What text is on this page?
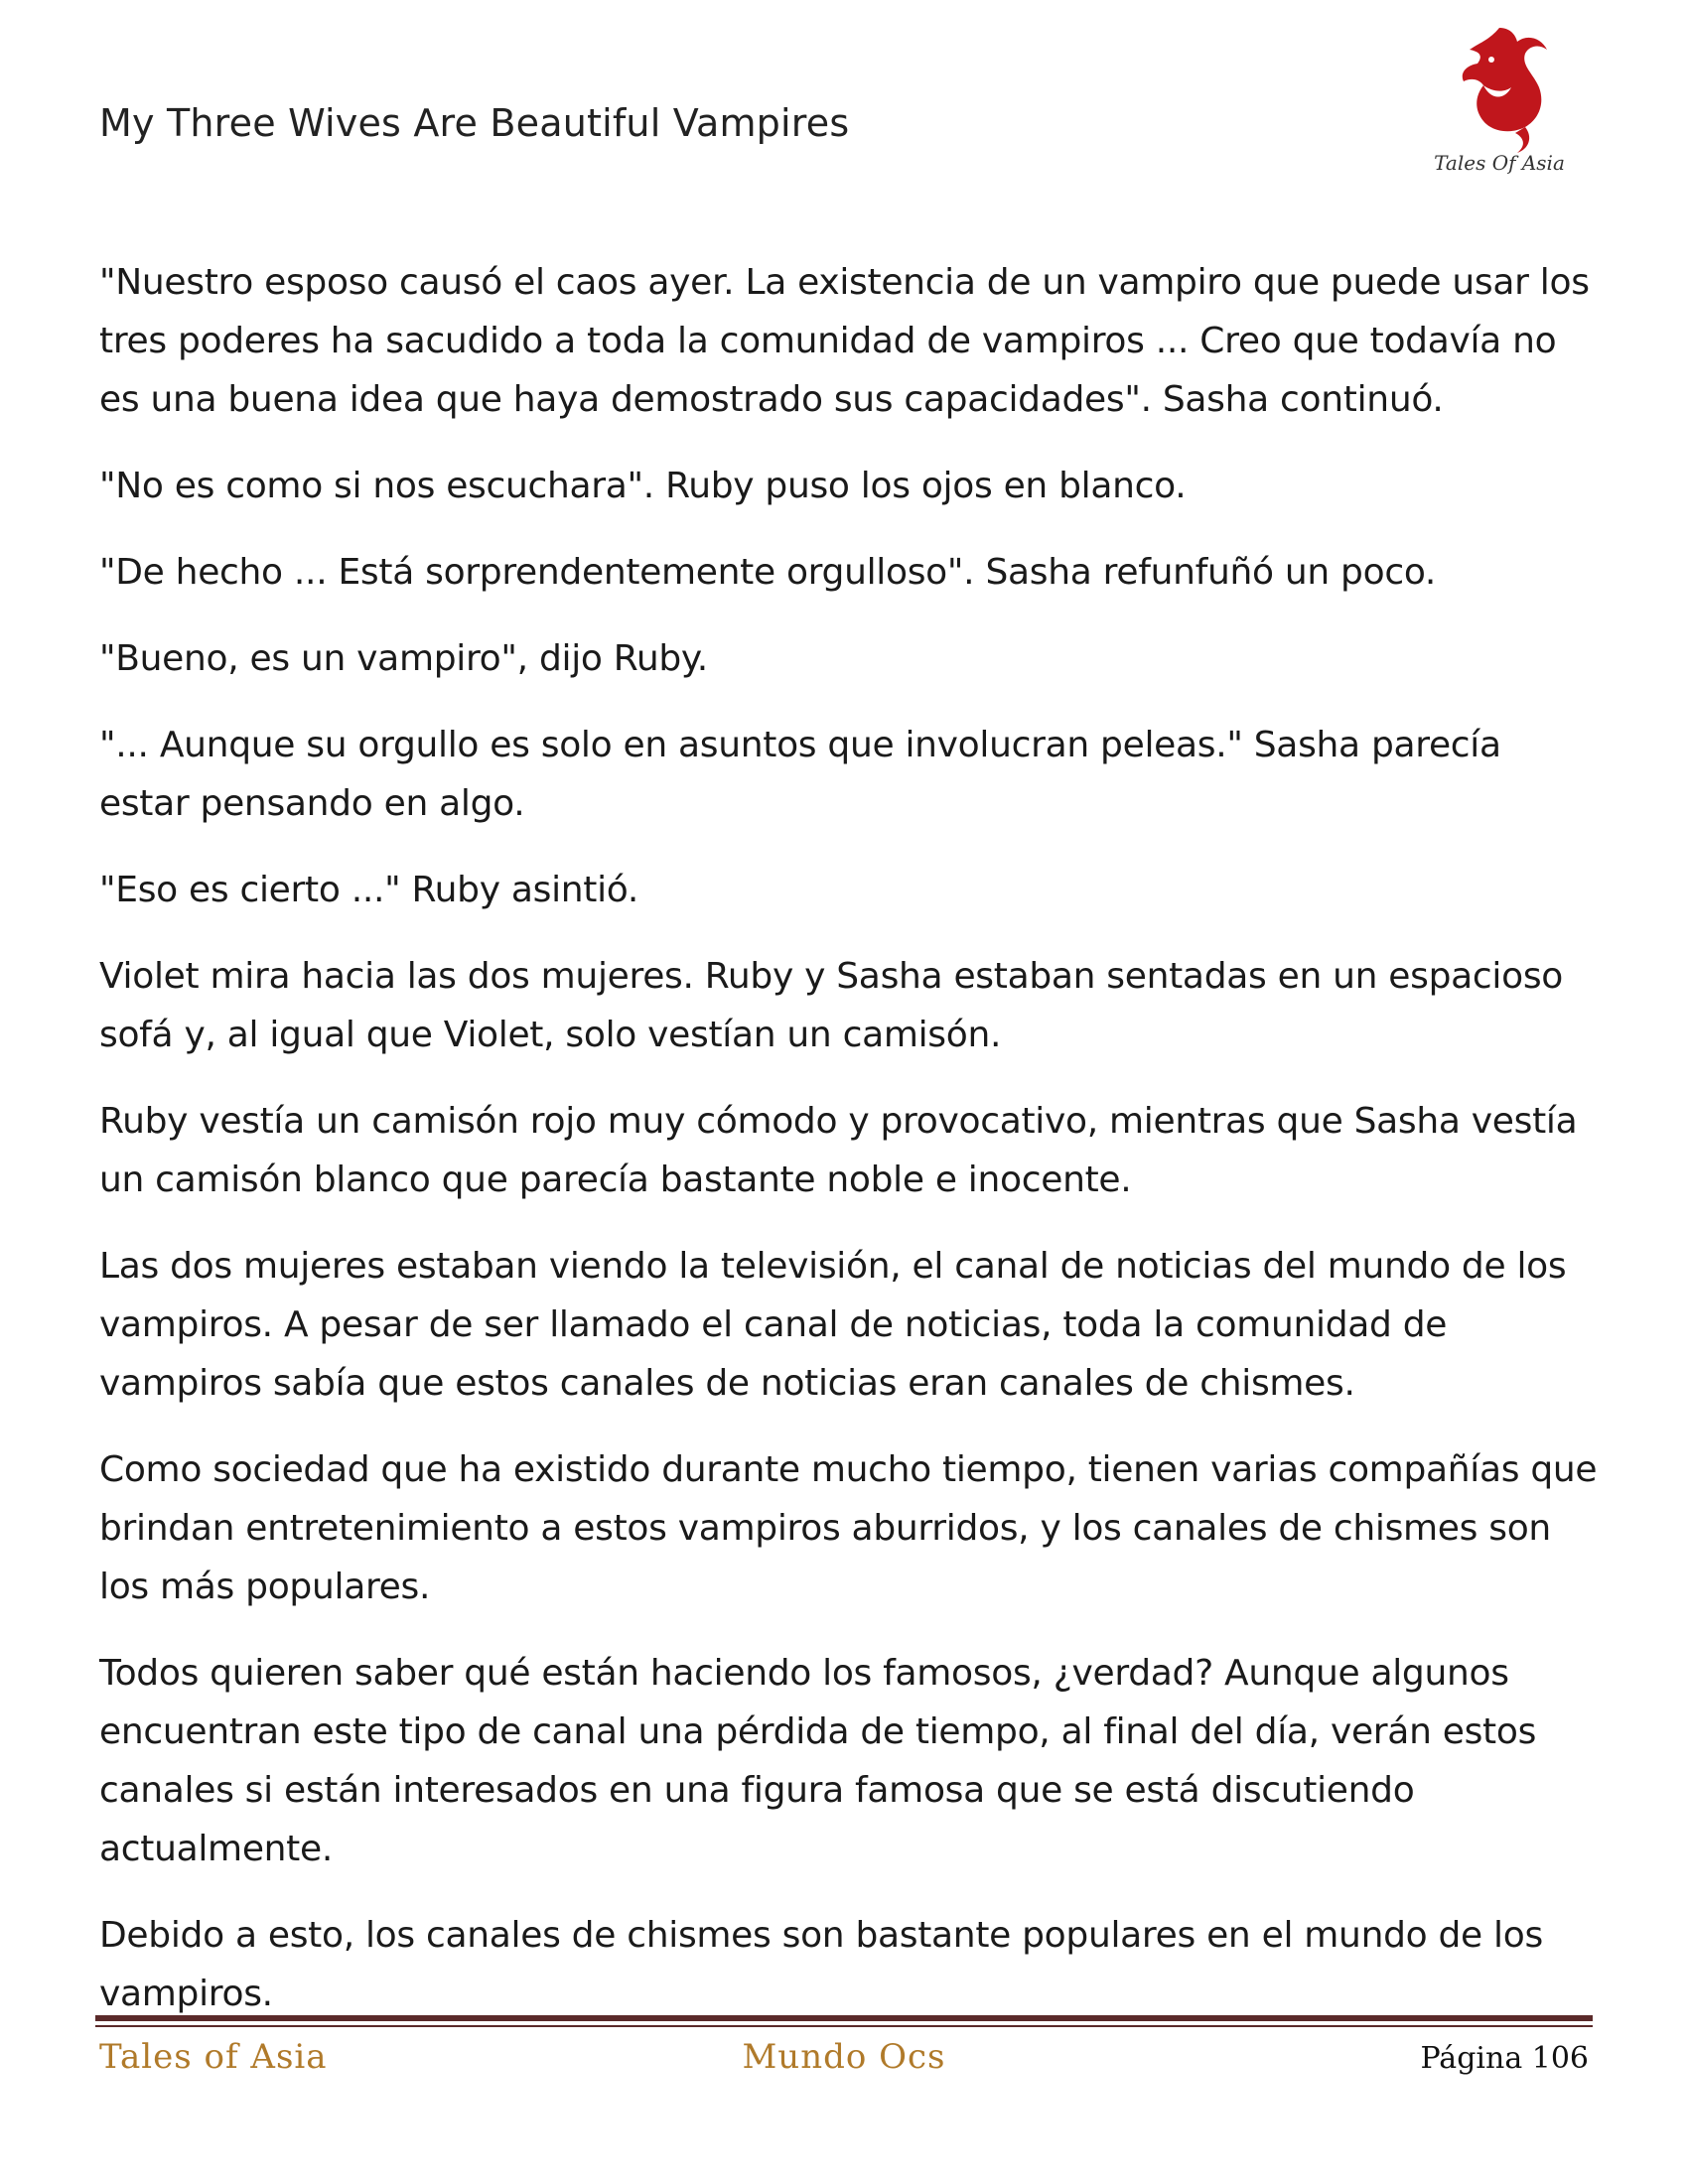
My Three Wives Are Beautiful Vampires
Tales Of Asia

"Nuestro esposo causó el caos ayer. La existencia de un vampiro que puede usar los tres poderes ha sacudido a toda la comunidad de vampiros ... Creo que todavía no es una buena idea que haya demostrado sus capacidades". Sasha continuó.

"No es como si nos escuchara". Ruby puso los ojos en blanco.

"De hecho ... Está sorprendentemente orgulloso". Sasha refunfuñó un poco.

"Bueno, es un vampiro", dijo Ruby.

"... Aunque su orgullo es solo en asuntos que involucran peleas." Sasha parecía estar pensando en algo.

"Eso es cierto ..." Ruby asintió.

Violet mira hacia las dos mujeres. Ruby y Sasha estaban sentadas en un espacioso sofá y, al igual que Violet, solo vestían un camisón.

Ruby vestía un camisón rojo muy cómodo y provocativo, mientras que Sasha vestía un camisón blanco que parecía bastante noble e inocente.

Las dos mujeres estaban viendo la televisión, el canal de noticias del mundo de los vampiros. A pesar de ser llamado el canal de noticias, toda la comunidad de vampiros sabía que estos canales de noticias eran canales de chismes.

Como sociedad que ha existido durante mucho tiempo, tienen varias compañías que brindan entretenimiento a estos vampiros aburridos, y los canales de chismes son los más populares.

Todos quieren saber qué están haciendo los famosos, ¿verdad? Aunque algunos encuentran este tipo de canal una pérdida de tiempo, al final del día, verán estos canales si están interesados en una figura famosa que se está discutiendo actualmente.

Debido a esto, los canales de chismes son bastante populares en el mundo de los vampiros.

Tales of Asia	Mundo Ocs	Página 106
